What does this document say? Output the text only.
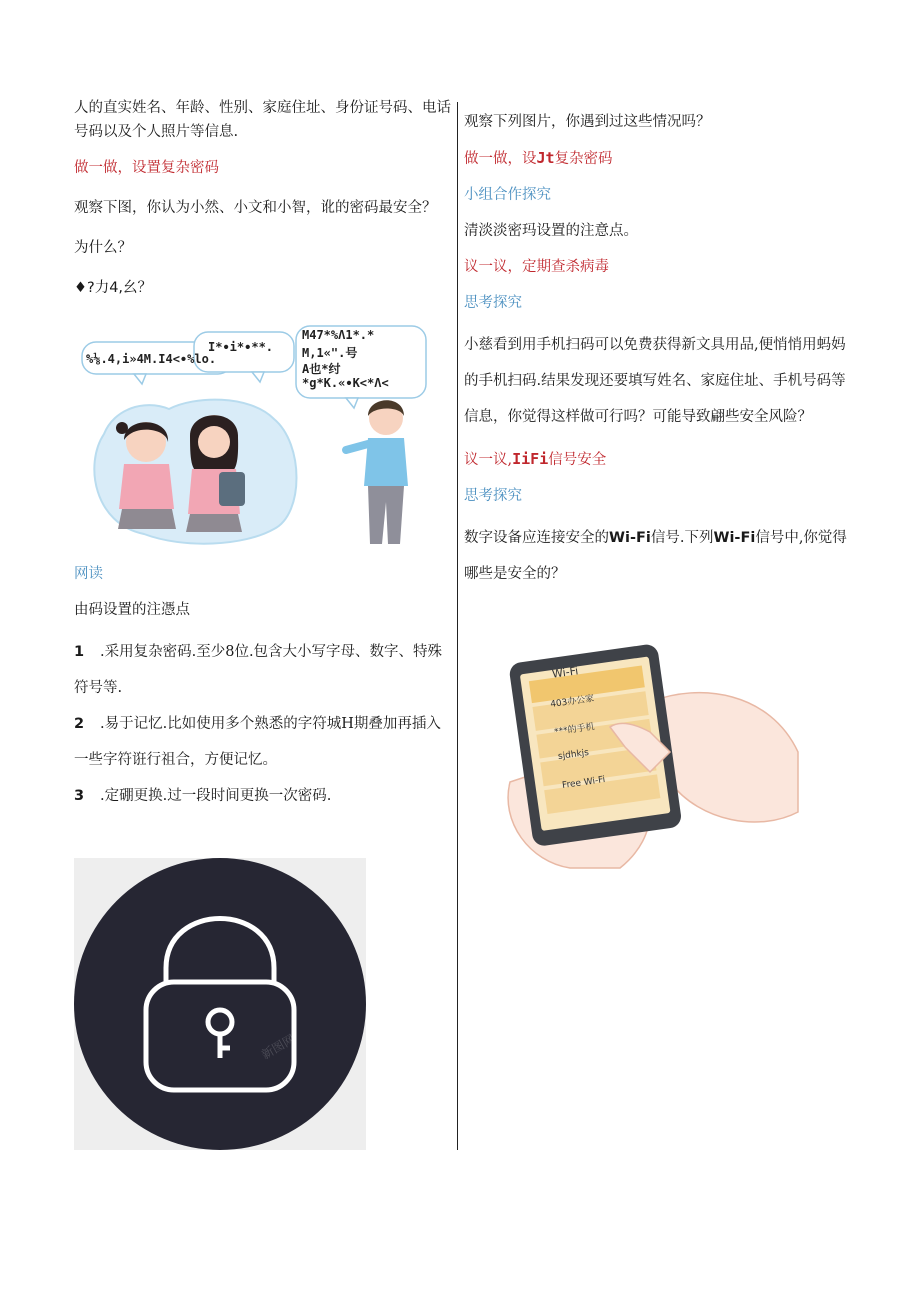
人的直实姓名、年龄、性别、家庭住址、身份证号码、电话号码以及个人照片等信息.

做一做，设置复杂密码

观察下图，你认为小然、小文和小智，讹的密码最安全？

为什么？

♦?力4,幺？

%⅛.4,i»4M.I4<∙%lo.
I*∙i*∙**.
M47*%Λ1*.*
M,1«".号
A也*纣
*g*K.«∙K<*Λ<

网读

由码设置的注憑点

1 .采用复杂密码.至少8位.包含大小写字母、数字、特殊符号等.

2 .易于记忆.比如使用多个熟悉的字符城H期叠加再插入

一些字符诳行祖合，方便记忆。

3 .定硼更换.过一段时间更换一次密码.

新图网

观察下列图片，你遇到过这些情况吗？

做一做，设Jt复杂密码

小组合作探究

清淡淡密玛设置的注意点。

议一议，定期查杀病毒

思考探究

小慈看到用手机扫码可以免费获得新文具用品,便悄悄用蚂妈的手机扫码.结果发现还要填写姓名、家庭住址、手机号码等信息，你觉得这样做可行吗？可能导致翩些安全风险？

议一议,IiFi信号安全

思考探究

数字设备应连接安全的Wi-Fi信号.下列Wi-Fi信号中,你觉得哪些是安全的？

Wi-Fi
403办公家
***的手机
sjdhkjs
Free Wi-Fi
